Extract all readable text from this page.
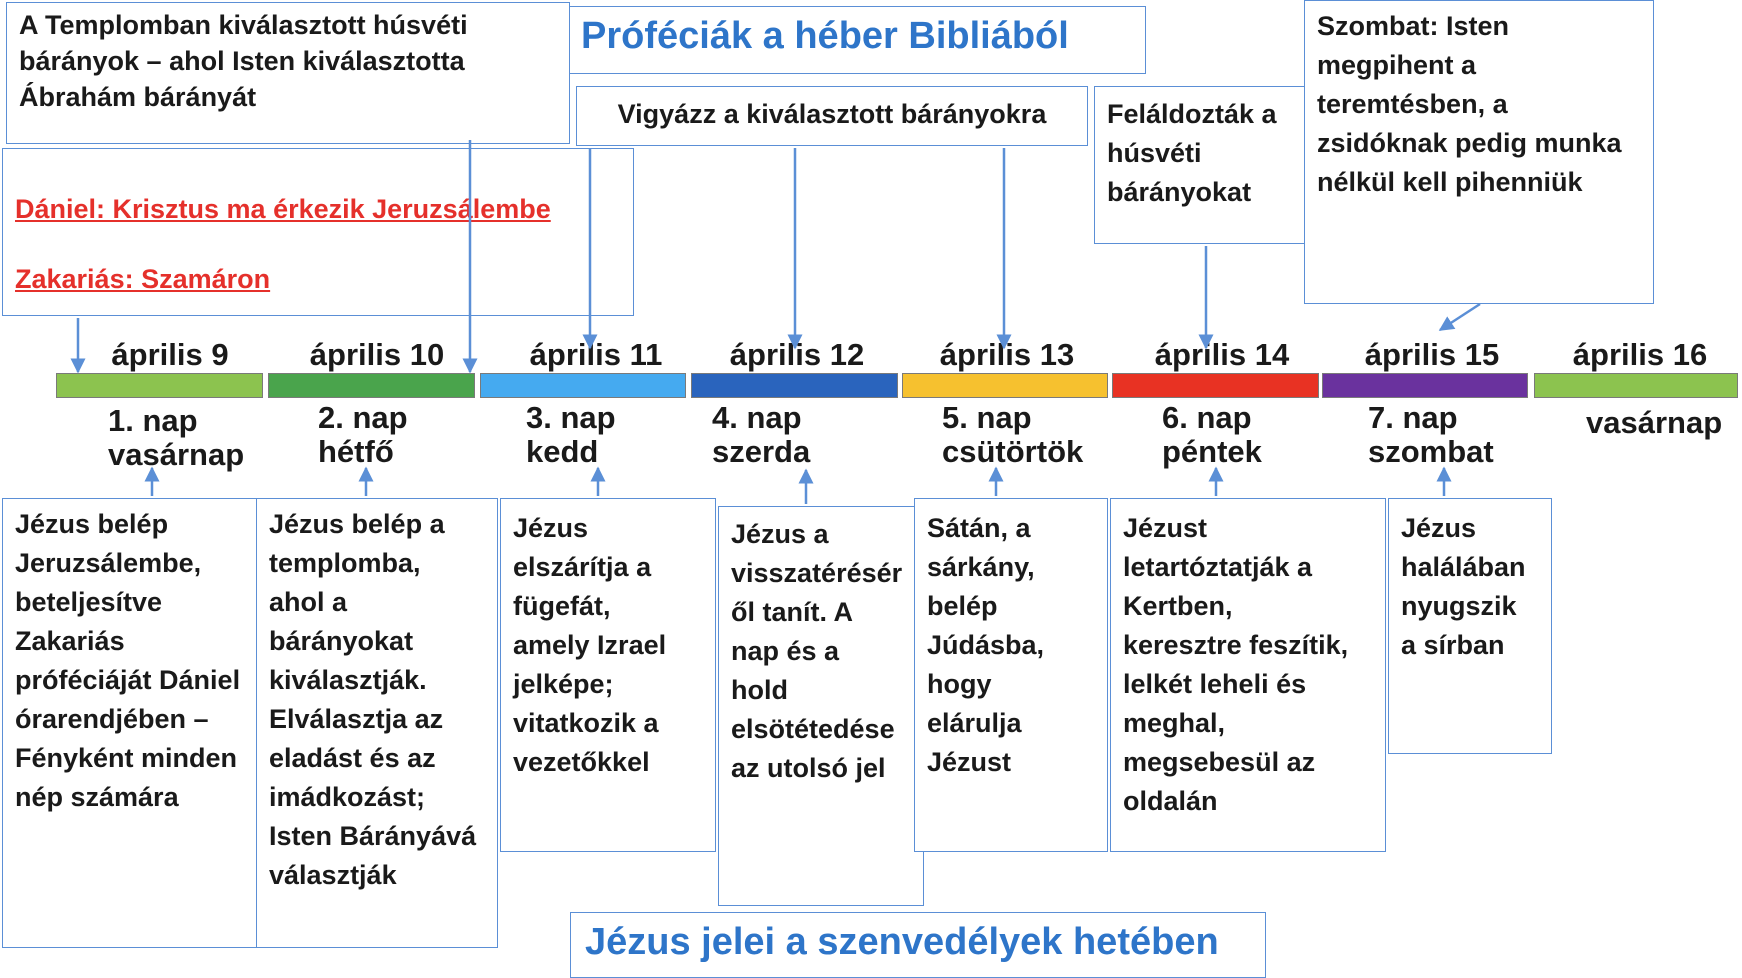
Próféciák a héber Bibliából
Jézus jelei a szenvedélyek hetében
A Templomban kiválasztott húsvéti
bárányok – ahol Isten kiválasztotta
Ábrahám bárányát

Dániel: Krisztus ma érkezik Jeruzsálembe

Zakariás: Szamáron

Vigyázz a kiválasztott bárányokra	Feláldozták a
húsvéti
bárányokat
Szombat: Isten
megpihent a
teremtésben, a
zsidóknak pedig munka
nélkül kell pihenniük
április 9	április 10	április 11 április 12 április 13	április 14 április 15 április 16
1. nap
vasárnap
2. nap
hétfő
3. nap
kedd
4. nap
szerda
5. nap
csütörtök
6. nap
péntek
7. nap
szombat
vasárnap
Jézus belép
Jeruzsálembe,
beteljesítve
Zakariás
próféciáját Dániel
órarendjében –
Fényként minden
nép számára
Jézus belép a
templomba,
ahol a
bárányokat
kiválasztják.
Elválasztja az
eladást és az
imádkozást;
Isten Bárányává
választják
Jézus
elszárítja a
fügefát,
amely Izrael
jelképe;
vitatkozik a
vezetőkkel
Jézus a
visszatérésér
ől tanít. A
nap és a
hold
elsötétedése
az utolsó jel
Sátán, a
sárkány,
belép
Júdásba,
hogy
elárulja
Jézust
Jézust
letartóztatják a
Kertben,
keresztre feszítik,
lelkét leheli és
meghal,
megsebesül az
oldalán
Jézus
halálában
nyugszik
a sírban
